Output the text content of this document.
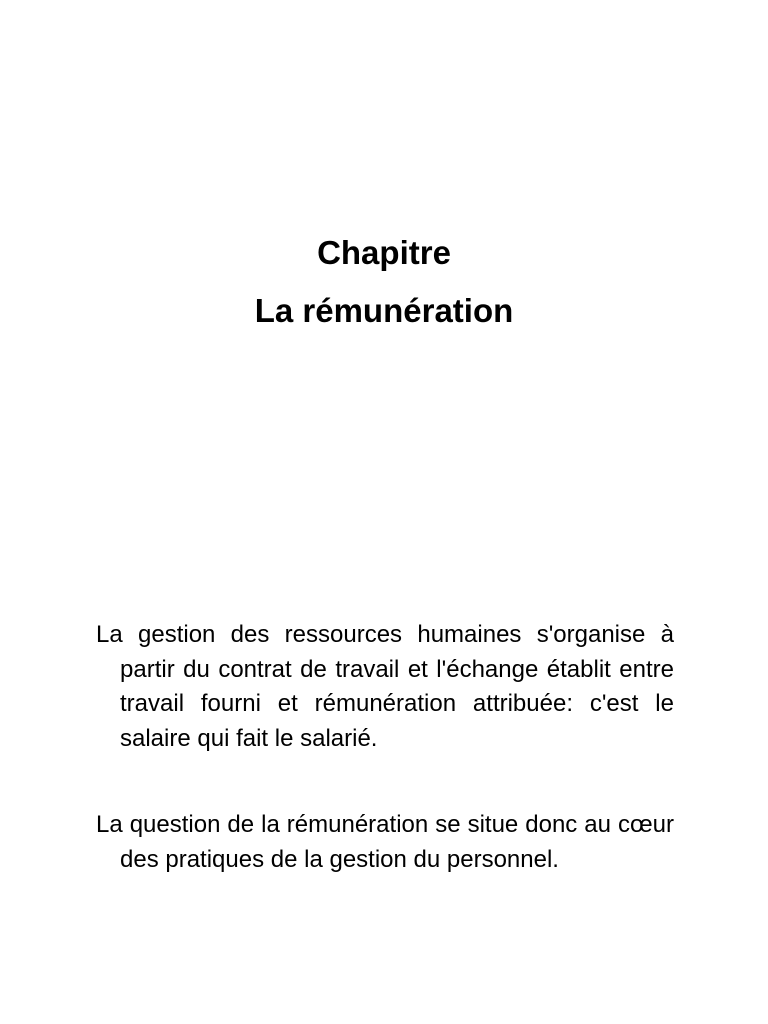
Chapitre

La rémunération

La gestion des ressources humaines s'organise à partir du contrat de travail et l'échange établit entre travail fourni et rémunération attribuée: c'est le salaire qui fait le salarié.

La question de la rémunération se situe donc au cœur des pratiques de la gestion du personnel.
